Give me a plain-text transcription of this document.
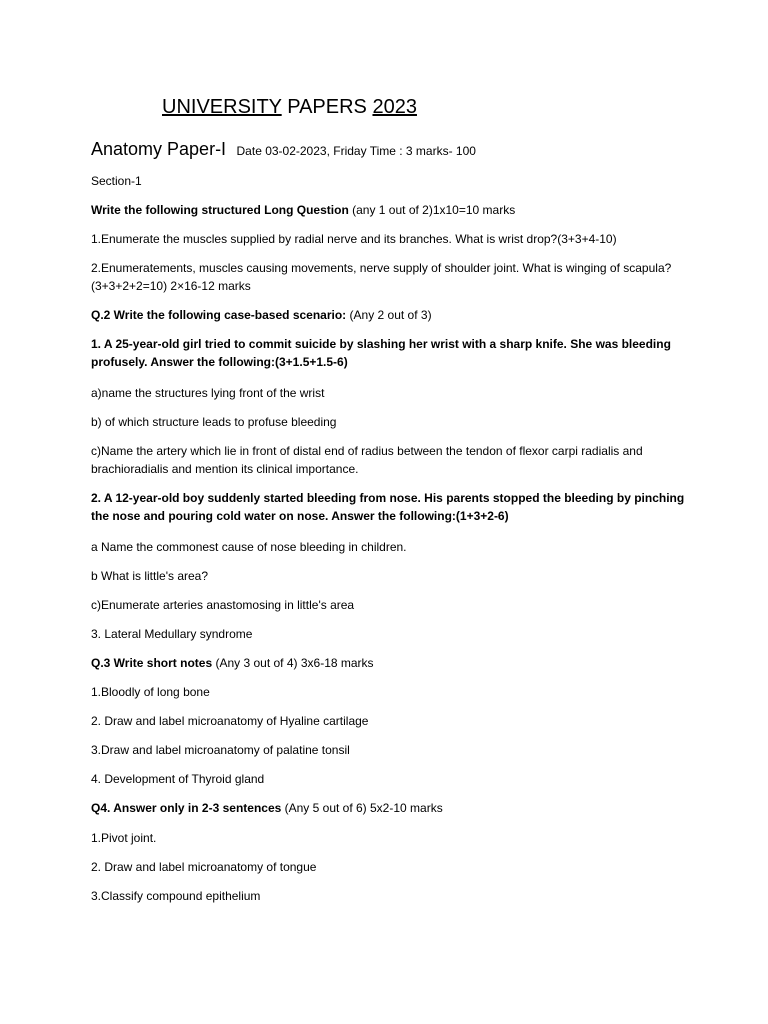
UNIVERSITY PAPERS 2023
Anatomy Paper-I Date 03-02-2023, Friday Time : 3 marks- 100
Section-1
Write the following structured Long Question (any 1 out of 2)1x10=10 marks
1.Enumerate the muscles supplied by radial nerve and its branches. What is wrist drop?(3+3+4-10)
2.Enumeratements, muscles causing movements, nerve supply of shoulder joint. What is winging of scapula? (3+3+2+2=10) 2×16-12 marks
Q.2 Write the following case-based scenario: (Any 2 out of 3)
1. A 25-year-old girl tried to commit suicide by slashing her wrist with a sharp knife. She was bleeding profusely. Answer the following:(3+1.5+1.5-6)
a)name the structures lying front of the wrist
b) of which structure leads to profuse bleeding
c)Name the artery which lie in front of distal end of radius between the tendon of flexor carpi radialis and brachioradialis and mention its clinical importance.
2. A 12-year-old boy suddenly started bleeding from nose. His parents stopped the bleeding by pinching the nose and pouring cold water on nose. Answer the following:(1+3+2-6)
a Name the commonest cause of nose bleeding in children.
b What is little's area?
c)Enumerate arteries anastomosing in little's area
3. Lateral Medullary syndrome
Q.3 Write short notes (Any 3 out of 4) 3x6-18 marks
1.Bloodly of long bone
2. Draw and label microanatomy of Hyaline cartilage
3.Draw and label microanatomy of palatine tonsil
4. Development of Thyroid gland
Q4. Answer only in 2-3 sentences (Any 5 out of 6) 5x2-10 marks
1.Pivot joint.
2. Draw and label microanatomy of tongue
3.Classify compound epithelium
